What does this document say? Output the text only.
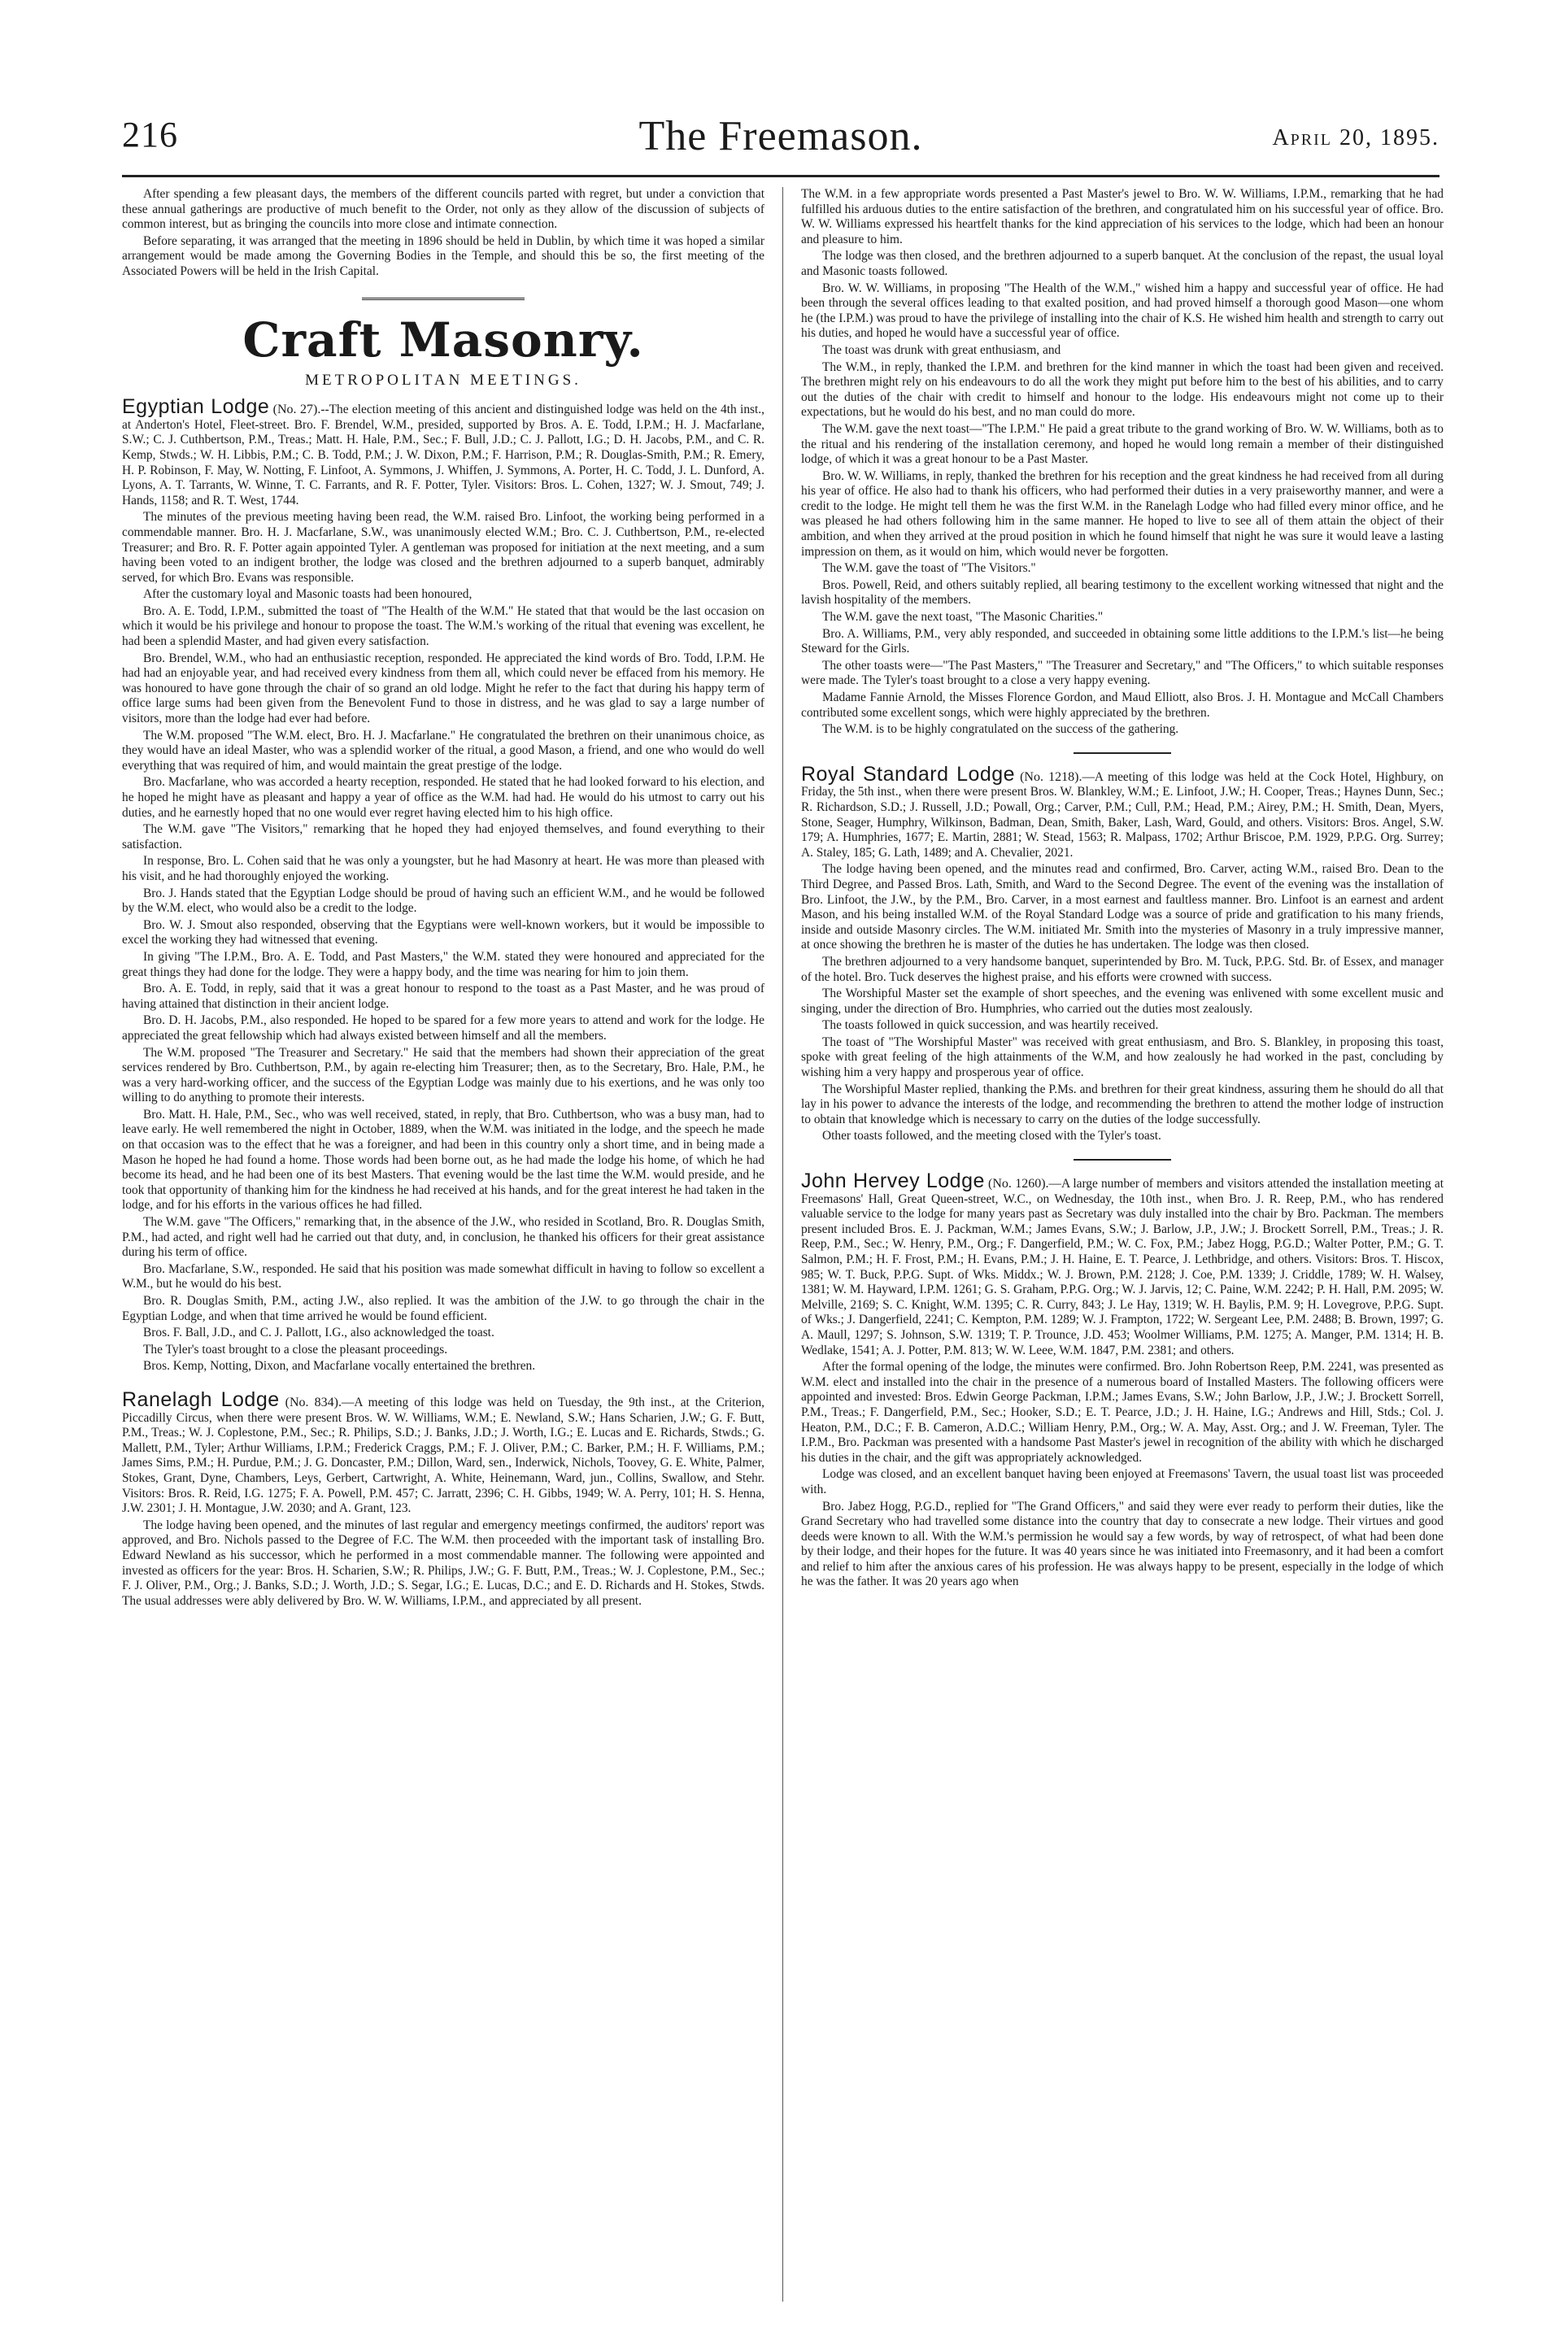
216	The Freemason.	April 20, 1895.

After spending a few pleasant days, the members of the different councils parted with regret, but under a conviction that these annual gatherings are productive of much benefit to the Order, not only as they allow of the discussion of subjects of common interest, but as bringing the councils into more close and intimate connection.

Before separating, it was arranged that the meeting in 1896 should be held in Dublin, by which time it was hoped a similar arrangement would be made among the Governing Bodies in the Temple, and should this be so, the first meeting of the Associated Powers will be held in the Irish Capital.

Craft Masonry.
METROPOLITAN MEETINGS.

Egyptian Lodge (No. 27).--The election meeting of this ancient and distinguished lodge was held on the 4th inst., at Anderton's Hotel, Fleet-street. Bro. F. Brendel, W.M., presided, supported by Bros. A. E. Todd, I.P.M.; H. J. Macfarlane, S.W.; C. J. Cuthbertson, P.M., Treas.; Matt. H. Hale, P.M., Sec.; F. Bull, J.D.; C. J. Pallott, I.G.; D. H. Jacobs, P.M., and C. R. Kemp, Stwds.; W. H. Libbis, P.M.; C. B. Todd, P.M.; J. W. Dixon, P.M.; F. Harrison, P.M.; R. Douglas-Smith, P.M.; R. Emery, H. P. Robinson, F. May, W. Notting, F. Linfoot, A. Symmons, J. Whiffen, J. Symmons, A. Porter, H. C. Todd, J. L. Dunford, A. Lyons, A. T. Tarrants, W. Winne, T. C. Farrants, and R. F. Potter, Tyler. Visitors: Bros. L. Cohen, 1327; W. J. Smout, 749; J. Hands, 1158; and R. T. West, 1744.

The minutes of the previous meeting having been read, the W.M. raised Bro. Linfoot, the working being performed in a commendable manner. Bro. H. J. Macfarlane, S.W., was unanimously elected W.M.; Bro. C. J. Cuthbertson, P.M., re-elected Treasurer; and Bro. R. F. Potter again appointed Tyler. A gentleman was proposed for initiation at the next meeting, and a sum having been voted to an indigent brother, the lodge was closed and the brethren adjourned to a superb banquet, admirably served, for which Bro. Evans was responsible.

After the customary loyal and Masonic toasts had been honoured,

Bro. A. E. Todd, I.P.M., submitted the toast of "The Health of the W.M." He stated that that would be the last occasion on which it would be his privilege and honour to propose the toast. The W.M.'s working of the ritual that evening was excellent, he had been a splendid Master, and had given every satisfaction.

Bro. Brendel, W.M., who had an enthusiastic reception, responded. He appreciated the kind words of Bro. Todd, I.P.M. He had had an enjoyable year, and had received every kindness from them all, which could never be effaced from his memory. He was honoured to have gone through the chair of so grand an old lodge. Might he refer to the fact that during his happy term of office large sums had been given from the Benevolent Fund to those in distress, and he was glad to say a large number of visitors, more than the lodge had ever had before.

The W.M. proposed "The W.M. elect, Bro. H. J. Macfarlane." He congratulated the brethren on their unanimous choice, as they would have an ideal Master, who was a splendid worker of the ritual, a good Mason, a friend, and one who would do well everything that was required of him, and would maintain the great prestige of the lodge.

Bro. Macfarlane, who was accorded a hearty reception, responded. He stated that he had looked forward to his election, and he hoped he might have as pleasant and happy a year of office as the W.M. had had. He would do his utmost to carry out his duties, and he earnestly hoped that no one would ever regret having elected him to his high office.

The W.M. gave "The Visitors," remarking that he hoped they had enjoyed themselves, and found everything to their satisfaction.

In response, Bro. L. Cohen said that he was only a youngster, but he had Masonry at heart. He was more than pleased with his visit, and he had thoroughly enjoyed the working.

Bro. J. Hands stated that the Egyptian Lodge should be proud of having such an efficient W.M., and he would be followed by the W.M. elect, who would also be a credit to the lodge.

Bro. W. J. Smout also responded, observing that the Egyptians were well-known workers, but it would be impossible to excel the working they had witnessed that evening.

In giving "The I.P.M., Bro. A. E. Todd, and Past Masters," the W.M. stated they were honoured and appreciated for the great things they had done for the lodge. They were a happy body, and the time was nearing for him to join them.

Bro. A. E. Todd, in reply, said that it was a great honour to respond to the toast as a Past Master, and he was proud of having attained that distinction in their ancient lodge.

Bro. D. H. Jacobs, P.M., also responded. He hoped to be spared for a few more years to attend and work for the lodge. He appreciated the great fellowship which had always existed between himself and all the members.

The W.M. proposed "The Treasurer and Secretary." He said that the members had shown their appreciation of the great services rendered by Bro. Cuthbertson, P.M., by again re-electing him Treasurer; then, as to the Secretary, Bro. Hale, P.M., he was a very hard-working officer, and the success of the Egyptian Lodge was mainly due to his exertions, and he was only too willing to do anything to promote their interests.

Bro. Matt. H. Hale, P.M., Sec., who was well received, stated, in reply, that Bro. Cuthbertson, who was a busy man, had to leave early. He well remembered the night in October, 1889, when the W.M. was initiated in the lodge, and the speech he made on that occasion was to the effect that he was a foreigner, and had been in this country only a short time, and in being made a Mason he hoped he had found a home. Those words had been borne out, as he had made the lodge his home, of which he had become its head, and he had been one of its best Masters. That evening would be the last time the W.M. would preside, and he took that opportunity of thanking him for the kindness he had received at his hands, and for the great interest he had taken in the lodge, and for his efforts in the various offices he had filled.

The W.M. gave "The Officers," remarking that, in the absence of the J.W., who resided in Scotland, Bro. R. Douglas Smith, P.M., had acted, and right well had he carried out that duty, and, in conclusion, he thanked his officers for their great assistance during his term of office.

Bro. Macfarlane, S.W., responded. He said that his position was made somewhat difficult in having to follow so excellent a W.M., but he would do his best.

Bro. R. Douglas Smith, P.M., acting J.W., also replied. It was the ambition of the J.W. to go through the chair in the Egyptian Lodge, and when that time arrived he would be found efficient.

Bros. F. Ball, J.D., and C. J. Pallott, I.G., also acknowledged the toast.

The Tyler's toast brought to a close the pleasant proceedings.

Bros. Kemp, Notting, Dixon, and Macfarlane vocally entertained the brethren.

Ranelagh Lodge (No. 834).—A meeting of this lodge was held on Tuesday, the 9th inst., at the Criterion, Piccadilly Circus, when there were present Bros. W. W. Williams, W.M.; E. Newland, S.W.; Hans Scharien, J.W.; G. F. Butt, P.M., Treas.; W. J. Coplestone, P.M., Sec.; R. Philips, S.D.; J. Banks, J.D.; J. Worth, I.G.; E. Lucas and E. Richards, Stwds.; G. Mallett, P.M., Tyler; Arthur Williams, I.P.M.; Frederick Craggs, P.M.; F. J. Oliver, P.M.; C. Barker, P.M.; H. F. Williams, P.M.; James Sims, P.M.; H. Purdue, P.M.; J. G. Doncaster, P.M.; Dillon, Ward, sen., Inderwick, Nichols, Toovey, G. E. White, Palmer, Stokes, Grant, Dyne, Chambers, Leys, Gerbert, Cartwright, A. White, Heinemann, Ward, jun., Collins, Swallow, and Stehr. Visitors: Bros. R. Reid, I.G. 1275; F. A. Powell, P.M. 457; C. Jarratt, 2396; C. H. Gibbs, 1949; W. A. Perry, 101; H. S. Henna, J.W. 2301; J. H. Montague, J.W. 2030; and A. Grant, 123.

The lodge having been opened, and the minutes of last regular and emergency meetings confirmed, the auditors' report was approved, and Bro. Nichols passed to the Degree of F.C. The W.M. then proceeded with the important task of installing Bro. Edward Newland as his successor, which he performed in a most commendable manner. The following were appointed and invested as officers for the year: Bros. H. Scharien, S.W.; R. Philips, J.W.; G. F. Butt, P.M., Treas.; W. J. Coplestone, P.M., Sec.; F. J. Oliver, P.M., Org.; J. Banks, S.D.; J. Worth, J.D.; S. Segar, I.G.; E. Lucas, D.C.; and E. D. Richards and H. Stokes, Stwds. The usual addresses were ably delivered by Bro. W. W. Williams, I.P.M., and appreciated by all present.

The W.M. in a few appropriate words presented a Past Master's jewel to Bro. W. W. Williams, I.P.M., remarking that he had fulfilled his arduous duties to the entire satisfaction of the brethren, and congratulated him on his successful year of office. Bro. W. W. Williams expressed his heartfelt thanks for the kind appreciation of his services to the lodge, which had been an honour and pleasure to him.

The lodge was then closed, and the brethren adjourned to a superb banquet. At the conclusion of the repast, the usual loyal and Masonic toasts followed.

Bro. W. W. Williams, in proposing "The Health of the W.M.," wished him a happy and successful year of office. He had been through the several offices leading to that exalted position, and had proved himself a thorough good Mason—one whom he (the I.P.M.) was proud to have the privilege of installing into the chair of K.S. He wished him health and strength to carry out his duties, and hoped he would have a successful year of office.

The toast was drunk with great enthusiasm, and

The W.M., in reply, thanked the I.P.M. and brethren for the kind manner in which the toast had been given and received. The brethren might rely on his endeavours to do all the work they might put before him to the best of his abilities, and to carry out the duties of the chair with credit to himself and honour to the lodge. His endeavours might not come up to their expectations, but he would do his best, and no man could do more.

The W.M. gave the next toast—"The I.P.M." He paid a great tribute to the grand working of Bro. W. W. Williams, both as to the ritual and his rendering of the installation ceremony, and hoped he would long remain a member of their distinguished lodge, of which it was a great honour to be a Past Master.

Bro. W. W. Williams, in reply, thanked the brethren for his reception and the great kindness he had received from all during his year of office. He also had to thank his officers, who had performed their duties in a very praiseworthy manner, and were a credit to the lodge. He might tell them he was the first W.M. in the Ranelagh Lodge who had filled every minor office, and he was pleased he had others following him in the same manner. He hoped to live to see all of them attain the object of their ambition, and when they arrived at the proud position in which he found himself that night he was sure it would leave a lasting impression on them, as it would on him, which would never be forgotten.

The W.M. gave the toast of "The Visitors."

Bros. Powell, Reid, and others suitably replied, all bearing testimony to the excellent working witnessed that night and the lavish hospitality of the members.

The W.M. gave the next toast, "The Masonic Charities."

Bro. A. Williams, P.M., very ably responded, and succeeded in obtaining some little additions to the I.P.M.'s list—he being Steward for the Girls.

The other toasts were—"The Past Masters," "The Treasurer and Secretary," and "The Officers," to which suitable responses were made. The Tyler's toast brought to a close a very happy evening.

Madame Fannie Arnold, the Misses Florence Gordon, and Maud Elliott, also Bros. J. H. Montague and McCall Chambers contributed some excellent songs, which were highly appreciated by the brethren.

The W.M. is to be highly congratulated on the success of the gathering.

Royal Standard Lodge (No. 1218).—A meeting of this lodge was held at the Cock Hotel, Highbury, on Friday, the 5th inst., when there were present Bros. W. Blankley, W.M.; E. Linfoot, J.W.; H. Cooper, Treas.; Haynes Dunn, Sec.; R. Richardson, S.D.; J. Russell, J.D.; Powall, Org.; Carver, P.M.; Cull, P.M.; Head, P.M.; Airey, P.M.; H. Smith, Dean, Myers, Stone, Seager, Humphry, Wilkinson, Badman, Dean, Smith, Baker, Lash, Ward, Gould, and others. Visitors: Bros. Angel, S.W. 179; A. Humphries, 1677; E. Martin, 2881; W. Stead, 1563; R. Malpass, 1702; Arthur Briscoe, P.M. 1929, P.P.G. Org. Surrey; A. Staley, 185; G. Lath, 1489; and A. Chevalier, 2021.

The lodge having been opened, and the minutes read and confirmed, Bro. Carver, acting W.M., raised Bro. Dean to the Third Degree, and Passed Bros. Lath, Smith, and Ward to the Second Degree. The event of the evening was the installation of Bro. Linfoot, the J.W., by the P.M., Bro. Carver, in a most earnest and faultless manner. Bro. Linfoot is an earnest and ardent Mason, and his being installed W.M. of the Royal Standard Lodge was a source of pride and gratification to his many friends, inside and outside Masonry circles. The W.M. initiated Mr. Smith into the mysteries of Masonry in a truly impressive manner, at once showing the brethren he is master of the duties he has undertaken. The lodge was then closed.

The brethren adjourned to a very handsome banquet, superintended by Bro. M. Tuck, P.P.G. Std. Br. of Essex, and manager of the hotel. Bro. Tuck deserves the highest praise, and his efforts were crowned with success.

The Worshipful Master set the example of short speeches, and the evening was enlivened with some excellent music and singing, under the direction of Bro. Humphries, who carried out the duties most zealously.

The toasts followed in quick succession, and was heartily received.

The toast of "The Worshipful Master" was received with great enthusiasm, and Bro. S. Blankley, in proposing this toast, spoke with great feeling of the high attainments of the W.M, and how zealously he had worked in the past, concluding by wishing him a very happy and prosperous year of office.

The Worshipful Master replied, thanking the P.Ms. and brethren for their great kindness, assuring them he should do all that lay in his power to advance the interests of the lodge, and recommending the brethren to attend the mother lodge of instruction to obtain that knowledge which is necessary to carry on the duties of the lodge successfully.

Other toasts followed, and the meeting closed with the Tyler's toast.

John Hervey Lodge (No. 1260).—A large number of members and visitors attended the installation meeting at Freemasons' Hall, Great Queen-street, W.C., on Wednesday, the 10th inst., when Bro. J. R. Reep, P.M., who has rendered valuable service to the lodge for many years past as Secretary was duly installed into the chair by Bro. Packman. The members present included Bros. E. J. Packman, W.M.; James Evans, S.W.; J. Barlow, J.P., J.W.; J. Brockett Sorrell, P.M., Treas.; J. R. Reep, P.M., Sec.; W. Henry, P.M., Org.; F. Dangerfield, P.M.; W. C. Fox, P.M.; Jabez Hogg, P.G.D.; Walter Potter, P.M.; G. T. Salmon, P.M.; H. F. Frost, P.M.; H. Evans, P.M.; J. H. Haine, E. T. Pearce, J. Lethbridge, and others. Visitors: Bros. T. Hiscox, 985; W. T. Buck, P.P.G. Supt. of Wks. Middx.; W. J. Brown, P.M. 2128; J. Coe, P.M. 1339; J. Criddle, 1789; W. H. Walsey, 1381; W. M. Hayward, I.P.M. 1261; G. S. Graham, P.P.G. Org.; W. J. Jarvis, 12; C. Paine, W.M. 2242; P. H. Hall, P.M. 2095; W. Melville, 2169; S. C. Knight, W.M. 1395; C. R. Curry, 843; J. Le Hay, 1319; W. H. Baylis, P.M. 9; H. Lovegrove, P.P.G. Supt. of Wks.; J. Dangerfield, 2241; C. Kempton, P.M. 1289; W. J. Frampton, 1722; W. Sergeant Lee, P.M. 2488; B. Brown, 1997; G. A. Maull, 1297; S. Johnson, S.W. 1319; T. P. Trounce, J.D. 453; Woolmer Williams, P.M. 1275; A. Manger, P.M. 1314; H. B. Wedlake, 1541; A. J. Potter, P.M. 813; W. W. Leee, W.M. 1847, P.M. 2381; and others.

After the formal opening of the lodge, the minutes were confirmed. Bro. John Robertson Reep, P.M. 2241, was presented as W.M. elect and installed into the chair in the presence of a numerous board of Installed Masters. The following officers were appointed and invested: Bros. Edwin George Packman, I.P.M.; James Evans, S.W.; John Barlow, J.P., J.W.; J. Brockett Sorrell, P.M., Treas.; F. Dangerfield, P.M., Sec.; Hooker, S.D.; E. T. Pearce, J.D.; J. H. Haine, I.G.; Andrews and Hill, Stds.; Col. J. Heaton, P.M., D.C.; F. B. Cameron, A.D.C.; William Henry, P.M., Org.; W. A. May, Asst. Org.; and J. W. Freeman, Tyler. The I.P.M., Bro. Packman was presented with a handsome Past Master's jewel in recognition of the ability with which he discharged his duties in the chair, and the gift was appropriately acknowledged.

Lodge was closed, and an excellent banquet having been enjoyed at Freemasons' Tavern, the usual toast list was proceeded with.

Bro. Jabez Hogg, P.G.D., replied for "The Grand Officers," and said they were ever ready to perform their duties, like the Grand Secretary who had travelled some distance into the country that day to consecrate a new lodge. Their virtues and good deeds were known to all. With the W.M.'s permission he would say a few words, by way of retrospect, of what had been done by their lodge, and their hopes for the future. It was 40 years since he was initiated into Freemasonry, and it had been a comfort and relief to him after the anxious cares of his profession. He was always happy to be present, especially in the lodge of which he was the father. It was 20 years ago when
